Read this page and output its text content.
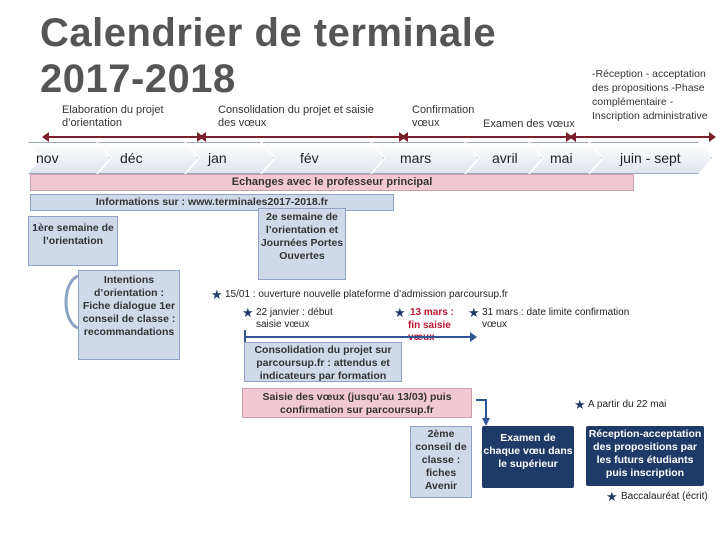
Calendrier de terminale 2017-2018	-Réception - acceptation des propositions -Phase complémentaire -Inscription administrative
Elaboration du projet d’orientation
Consolidation du projet et saisie des vœux
Confirmation vœux	Examen des vœux
nov	déc	jan	fév	mars	avril mai	juin - sept
Echanges avec le professeur principal
Informations sur : www.terminales2017-2018.fr
1ère semaine de l’orientation
2e semaine de l’orientation et Journées Portes Ouvertes
Intentions d’orientation : Fiche dialogue 1er conseil de classe : recommandations
★ 15/01 : ouverture nouvelle plateforme d’admission parcoursup.fr
★ 22 janvier : début saisie vœux
★ 13 mars :
fin saisie
★ 31 mars : date limite confirmation vœux
Consolidation du projet sur parcoursup.fr : attendus et indicateurs par formation
Saisie des vœux (jusqu’au 13/03) puis confirmation sur parcoursup.fr
2ème conseil de classe : fiches Avenir
Examen de chaque vœu dans le supérieur
★ A partir du 22 mai
Réception-acceptation des propositions par les futurs étudiants puis inscription
★ Baccalauréat (écrit)
